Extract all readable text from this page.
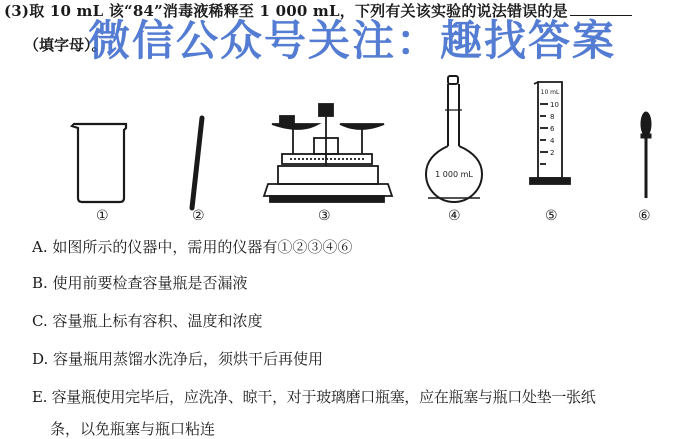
(3)取 10 mL 该“84”消毒液稀释至 1 000 mL，下列有关该实验的说法错误的是
（填字母）。
微信公众号关注：趣找答案
1 000 mL
10 mL
10
8
6
4
2
①	②	③	④	⑤	⑥
A. 如图所示的仪器中，需用的仪器有①②③④⑥
B. 使用前要检查容量瓶是否漏液
C. 容量瓶上标有容积、温度和浓度
D. 容量瓶用蒸馏水洗净后，须烘干后再使用
E. 容量瓶使用完毕后，应洗净、晾干，对于玻璃磨口瓶塞，应在瓶塞与瓶口处垫一张纸
条，以免瓶塞与瓶口粘连
